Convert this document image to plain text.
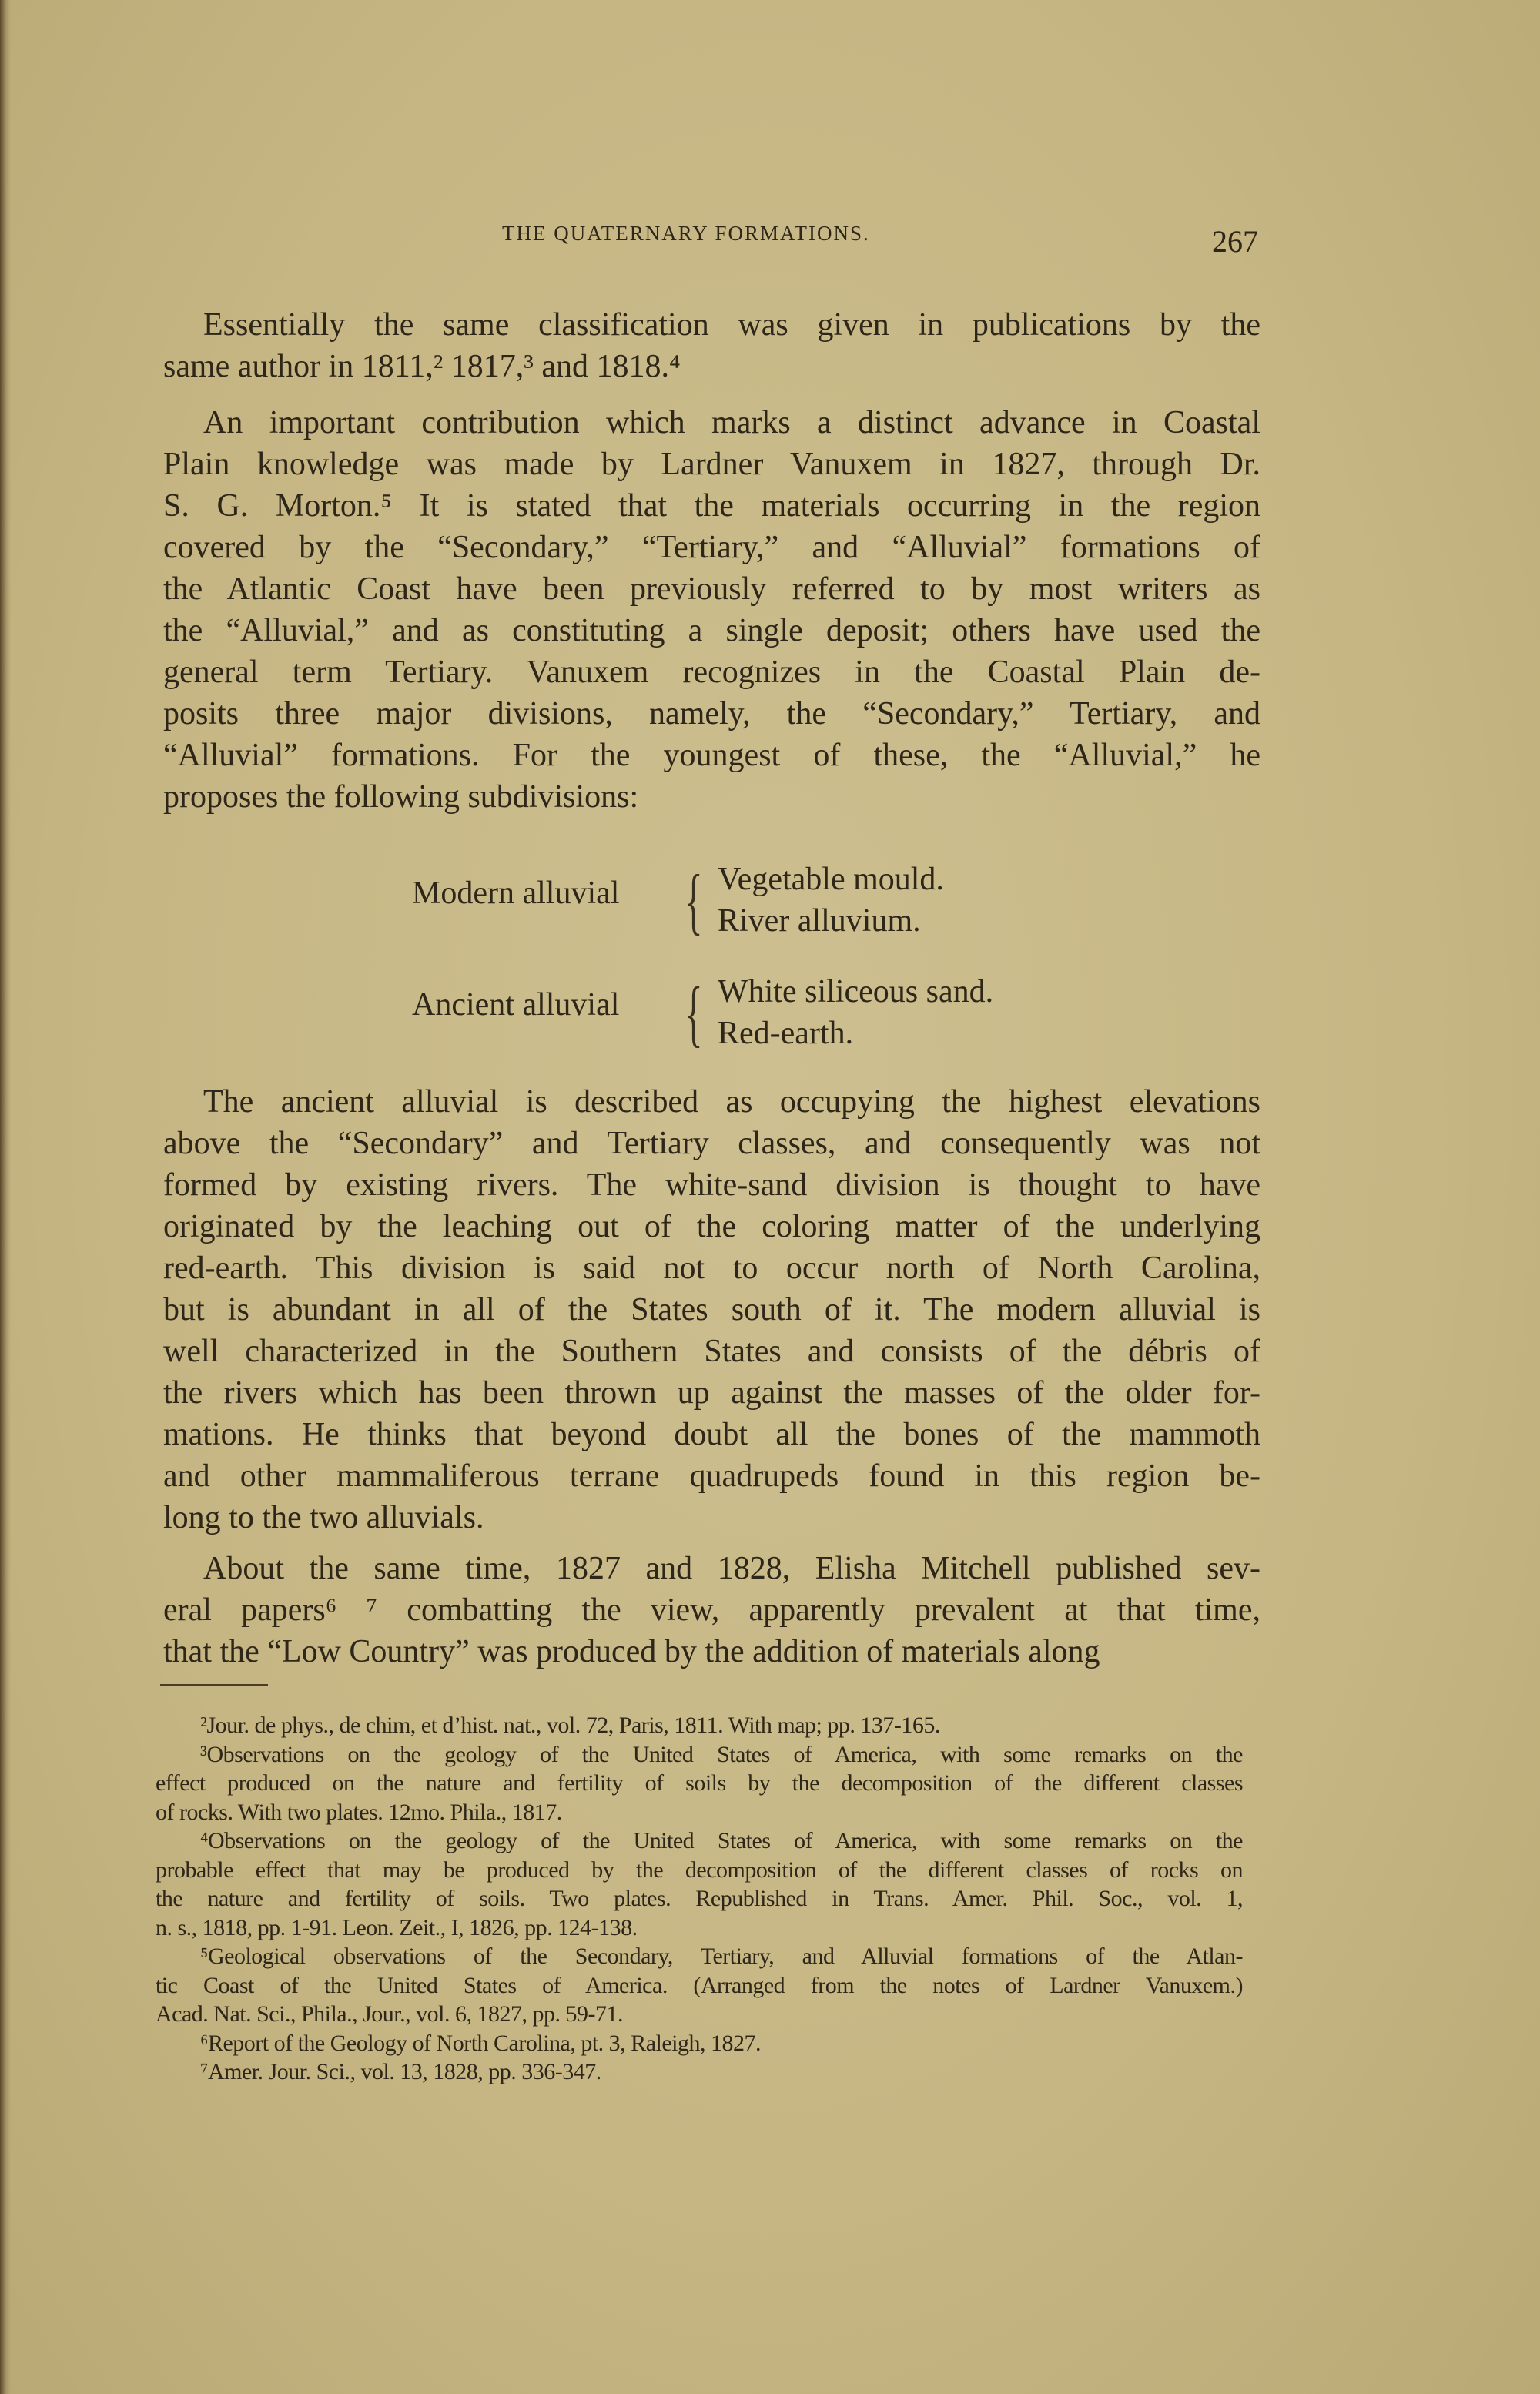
THE QUATERNARY FORMATIONS.	267
Essentially the same classification was given in publications by the
same author in 1811,² 1817,³ and 1818.⁴
An important contribution which marks a distinct advance in Coastal
Plain knowledge was made by Lardner Vanuxem in 1827, through Dr.
S. G. Morton.⁵ It is stated that the materials occurring in the region
covered by the “Secondary,” “Tertiary,” and “Alluvial” formations of
the Atlantic Coast have been previously referred to by most writers as
the “Alluvial,” and as constituting a single deposit; others have used the
general term Tertiary. Vanuxem recognizes in the Coastal Plain de-
posits three major divisions, namely, the “Secondary,” Tertiary, and
“Alluvial” formations. For the youngest of these, the “Alluvial,” he
proposes the following subdivisions:
Modern alluvial { Vegetable mould.
River alluvium.
Ancient alluvial { White siliceous sand.
Red-earth.
The ancient alluvial is described as occupying the highest elevations
above the “Secondary” and Tertiary classes, and consequently was not
formed by existing rivers. The white-sand division is thought to have
originated by the leaching out of the coloring matter of the underlying
red-earth. This division is said not to occur north of North Carolina,
but is abundant in all of the States south of it. The modern alluvial is
well characterized in the Southern States and consists of the débris of
the rivers which has been thrown up against the masses of the older for-
mations. He thinks that beyond doubt all the bones of the mammoth
and other mammaliferous terrane quadrupeds found in this region be-
long to the two alluvials.
About the same time, 1827 and 1828, Elisha Mitchell published sev-
eral papers⁶ ⁷ combatting the view, apparently prevalent at that time,
that the “Low Country” was produced by the addition of materials along
²Jour. de phys., de chim, et d’hist. nat., vol. 72, Paris, 1811. With map; pp. 137-165.
³Observations on the geology of the United States of America, with some remarks on the
effect produced on the nature and fertility of soils by the decomposition of the different classes
of rocks. With two plates. 12mo. Phila., 1817.
⁴Observations on the geology of the United States of America, with some remarks on the
probable effect that may be produced by the decomposition of the different classes of rocks on
the nature and fertility of soils. Two plates. Republished in Trans. Amer. Phil. Soc., vol. 1,
n. s., 1818, pp. 1-91. Leon. Zeit., I, 1826, pp. 124-138.
⁵Geological observations of the Secondary, Tertiary, and Alluvial formations of the Atlan-
tic Coast of the United States of America. (Arranged from the notes of Lardner Vanuxem.)
Acad. Nat. Sci., Phila., Jour., vol. 6, 1827, pp. 59-71.
⁶Report of the Geology of North Carolina, pt. 3, Raleigh, 1827.
⁷Amer. Jour. Sci., vol. 13, 1828, pp. 336-347.
